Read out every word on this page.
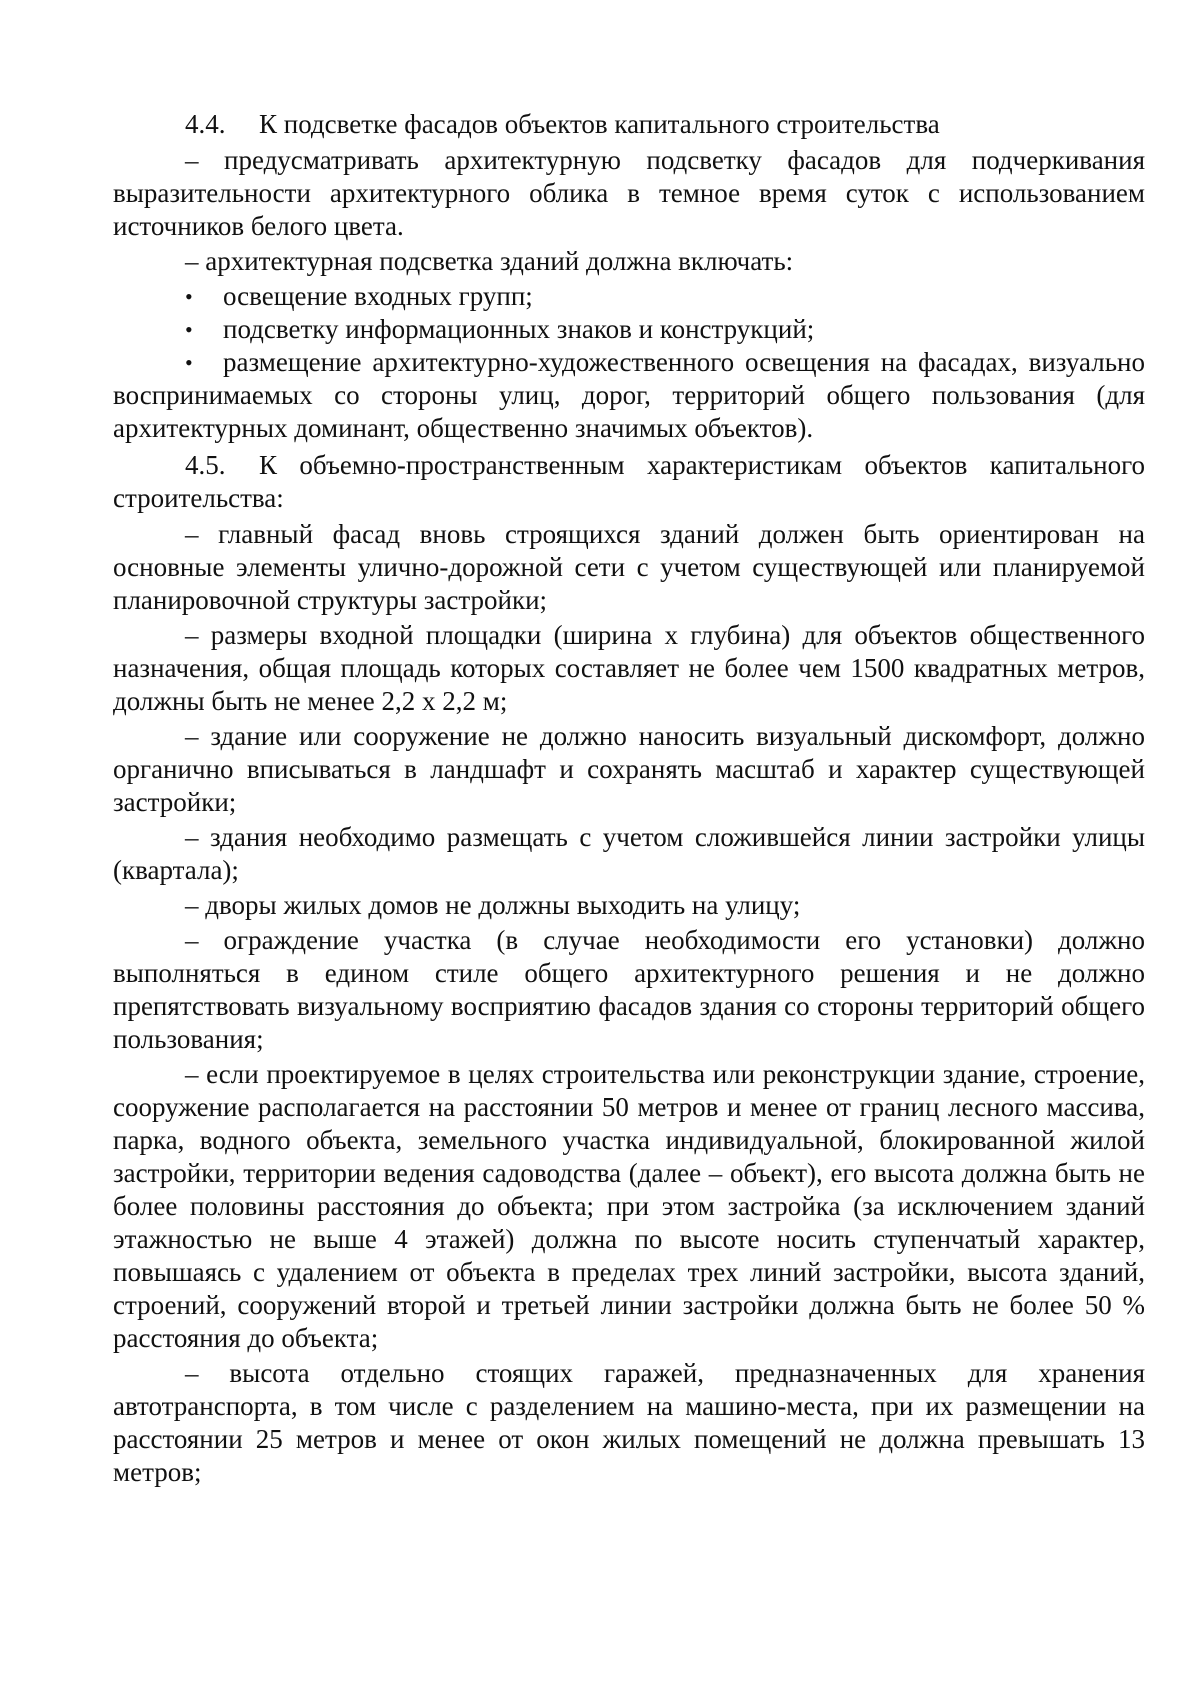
4.4. К подсветке фасадов объектов капитального строительства

– предусматривать архитектурную подсветку фасадов для подчеркивания выразительности архитектурного облика в темное время суток с использованием источников белого цвета.

– архитектурная подсветка зданий должна включать:

• освещение входных групп;

• подсветку информационных знаков и конструкций;

• размещение архитектурно-художественного освещения на фасадах, визуально воспринимаемых со стороны улиц, дорог, территорий общего пользования (для архитектурных доминант, общественно значимых объектов).

4.5. К объемно-пространственным характеристикам объектов капитального строительства:

– главный фасад вновь строящихся зданий должен быть ориентирован на основные элементы улично-дорожной сети с учетом существующей или планируемой планировочной структуры застройки;

– размеры входной площадки (ширина х глубина) для объектов общественного назначения, общая площадь которых составляет не более чем 1500 квадратных метров, должны быть не менее 2,2 х 2,2 м;

– здание или сооружение не должно наносить визуальный дискомфорт, должно органично вписываться в ландшафт и сохранять масштаб и характер существующей застройки;

– здания необходимо размещать с учетом сложившейся линии застройки улицы (квартала);

– дворы жилых домов не должны выходить на улицу;

– ограждение участка (в случае необходимости его установки) должно выполняться в едином стиле общего архитектурного решения и не должно препятствовать визуальному восприятию фасадов здания со стороны территорий общего пользования;

– если проектируемое в целях строительства или реконструкции здание, строение, сооружение располагается на расстоянии 50 метров и менее от границ лесного массива, парка, водного объекта, земельного участка индивидуальной, блокированной жилой застройки, территории ведения садоводства (далее – объект), его высота должна быть не более половины расстояния до объекта; при этом застройка (за исключением зданий этажностью не выше 4 этажей) должна по высоте носить ступенчатый характер, повышаясь с удалением от объекта в пределах трех линий застройки, высота зданий, строений, сооружений второй и третьей линии застройки должна быть не более 50 % расстояния до объекта;

– высота отдельно стоящих гаражей, предназначенных для хранения автотранспорта, в том числе с разделением на машино-места, при их размещении на расстоянии 25 метров и менее от окон жилых помещений не должна превышать 13 метров;
